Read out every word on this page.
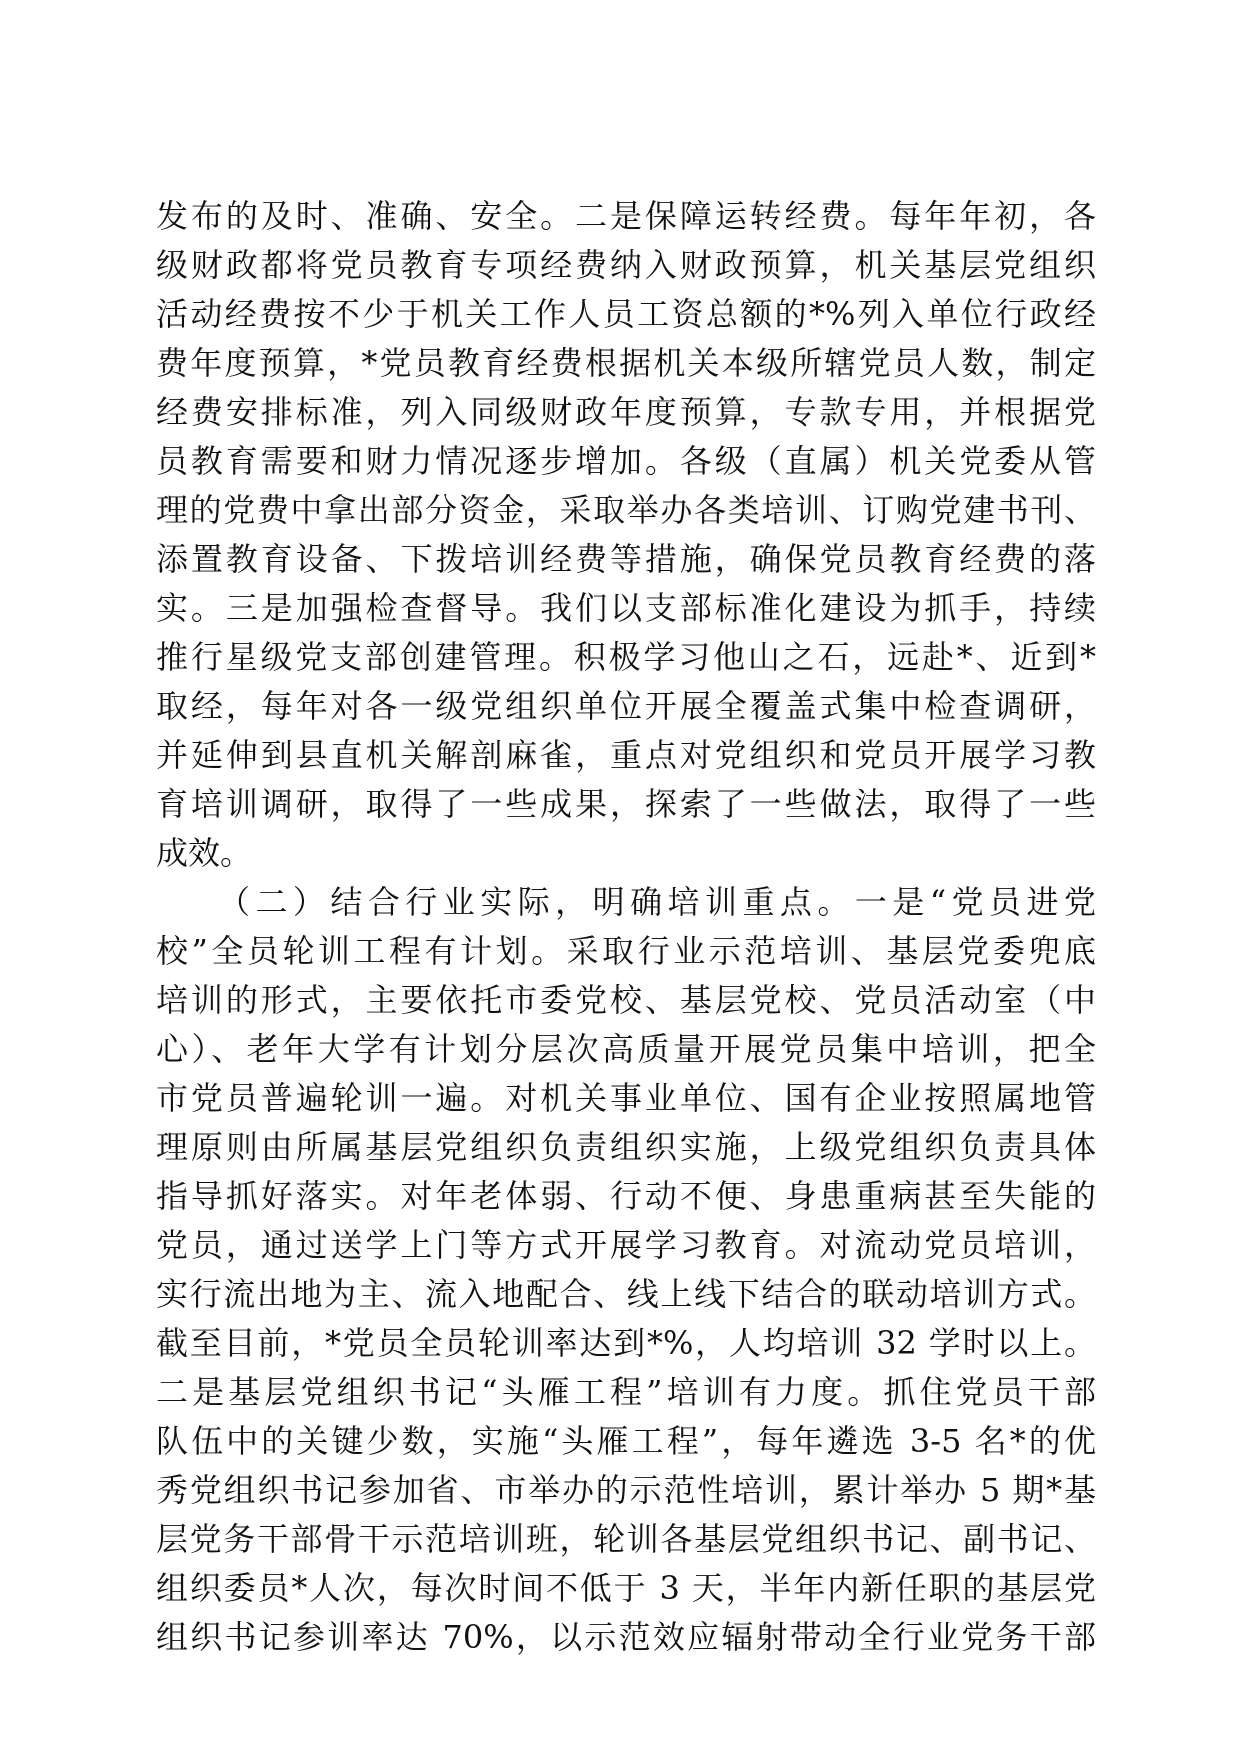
发布的及时、准确、安全。二是保障运转经费。每年年初，各
级财政都将党员教育专项经费纳入财政预算，机关基层党组织
活动经费按不少于机关工作人员工资总额的*%列入单位行政经
费年度预算，*党员教育经费根据机关本级所辖党员人数，制定
经费安排标准，列入同级财政年度预算，专款专用，并根据党
员教育需要和财力情况逐步增加。各级（直属）机关党委从管
理的党费中拿出部分资金，采取举办各类培训、订购党建书刊、
添置教育设备、下拨培训经费等措施，确保党员教育经费的落
实。三是加强检查督导。我们以支部标准化建设为抓手，持续
推行星级党支部创建管理。积极学习他山之石，远赴*、近到*
取经，每年对各一级党组织单位开展全覆盖式集中检查调研，
并延伸到县直机关解剖麻雀，重点对党组织和党员开展学习教
育培训调研，取得了一些成果，探索了一些做法，取得了一些
成效。
（二）结合行业实际，明确培训重点。一是“党员进党
校”全员轮训工程有计划。采取行业示范培训、基层党委兜底
培训的形式，主要依托市委党校、基层党校、党员活动室（中
心）、老年大学有计划分层次高质量开展党员集中培训，把全
市党员普遍轮训一遍。对机关事业单位、国有企业按照属地管
理原则由所属基层党组织负责组织实施，上级党组织负责具体
指导抓好落实。对年老体弱、行动不便、身患重病甚至失能的
党员，通过送学上门等方式开展学习教育。对流动党员培训，
实行流出地为主、流入地配合、线上线下结合的联动培训方式。
截至目前，*党员全员轮训率达到*%，人均培训 32 学时以上。
二是基层党组织书记“头雁工程”培训有力度。抓住党员干部
队伍中的关键少数，实施“头雁工程”，每年遴选 3-5 名*的优
秀党组织书记参加省、市举办的示范性培训，累计举办 5 期*基
层党务干部骨干示范培训班，轮训各基层党组织书记、副书记、
组织委员*人次，每次时间不低于 3 天，半年内新任职的基层党
组织书记参训率达 70%，以示范效应辐射带动全行业党务干部
